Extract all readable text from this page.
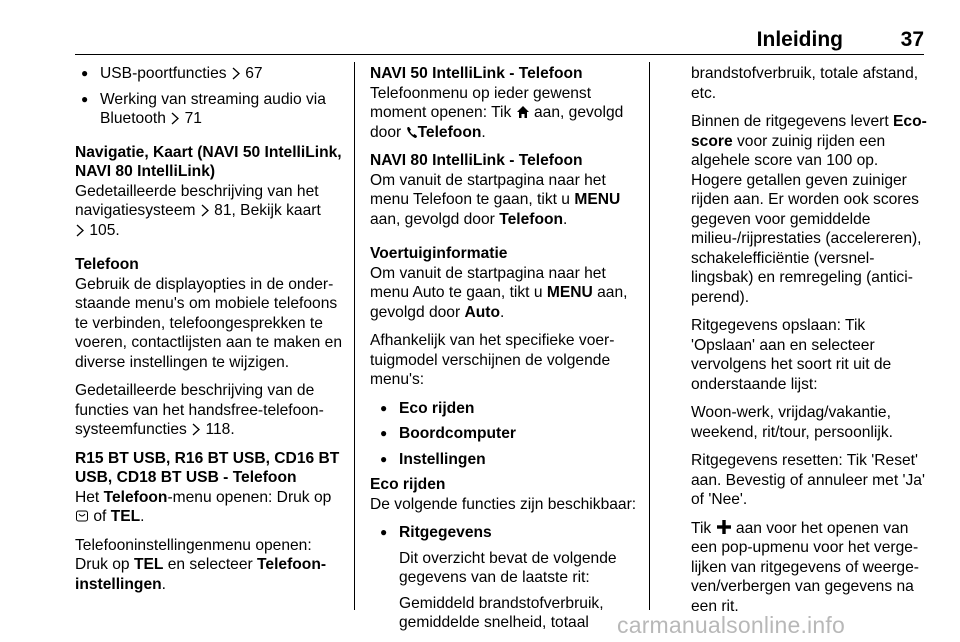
Inleiding	37
● USB-poortfuncties 67
● Werking van streaming audio via
Bluetooth 71

Navigatie, Kaart (NAVI 50 IntelliLink, NAVI 80 IntelliLink)

Gedetailleerde beschrijving van het navigatiesysteem 81, Bekijk kaart
105.

Telefoon

Gebruik de displayopties in de onderstaande menu's om mobiele telefoons te verbinden, telefoongesprekken te voeren, contactlijsten aan te maken en diverse instellingen te wijzigen.

Gedetailleerde beschrijving van de functies van het handsfree-telefoonsysteemfuncties 118.

R15 BT USB, R16 BT USB, CD16 BT USB, CD18 BT USB - Telefoon

Het Telefoon-menu openen: Druk op
of TEL.

Telefooninstellingenmenu openen: Druk op TEL en selecteer Telefooninstellingen.

NAVI 50 IntelliLink - Telefoon

Telefoonmenu op ieder gewenst moment openen: Tik aan, gevolgd door Telefoon.

NAVI 80 IntelliLink - Telefoon

Om vanuit de startpagina naar het menu Telefoon te gaan, tikt u MENU aan, gevolgd door Telefoon.

Voertuiginformatie

Om vanuit de startpagina naar het menu Auto te gaan, tikt u MENU aan, gevolgd door Auto.

Afhankelijk van het specifieke voertuigmodel verschijnen de volgende menu's:

● Eco rijden
● Boordcomputer
● Instellingen

Eco rijden

De volgende functies zijn beschikbaar:

● Ritgegevens
Dit overzicht bevat de volgende gegevens van de laatste rit:
Gemiddeld brandstofverbruik, gemiddelde snelheid, totaal

brandstofverbruik, totale afstand, etc.

Binnen de ritgegevens levert Eco-score voor zuinig rijden een algehele score van 100 op. Hogere getallen geven zuiniger rijden aan. Er worden ook scores gegeven voor gemiddelde milieu-/rijprestaties (accelereren), schakelefficiëntie (versnellingsbak) en remregeling (anticiperend).

Ritgegevens opslaan: Tik 'Opslaan' aan en selecteer vervolgens het soort rit uit de onderstaande lijst:

Woon-werk, vrijdag/vakantie, weekend, rit/tour, persoonlijk.

Ritgegevens resetten: Tik 'Reset' aan. Bevestig of annuleer met 'Ja' of 'Nee'.

Tik aan voor het openen van een pop-upmenu voor het vergelijken van ritgegevens of weergeven/verbergen van gegevens na een rit.

carmanualsonline.info
